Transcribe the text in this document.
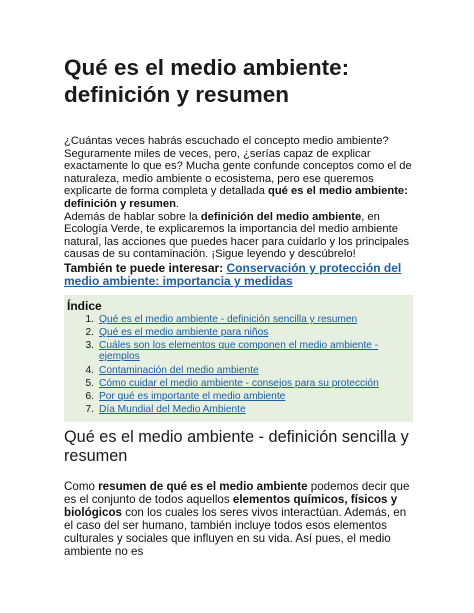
Qué es el medio ambiente:
definición y resumen
¿Cuántas veces habrás escuchado el concepto medio ambiente? Seguramente miles de veces, pero, ¿serías capaz de explicar exactamente lo que es? Mucha gente confunde conceptos como el de naturaleza, medio ambiente o ecosistema, pero ese queremos explicarte de forma completa y detallada qué es el medio ambiente: definición y resumen.
Además de hablar sobre la definición del medio ambiente, en Ecología Verde, te explicaremos la importancia del medio ambiente natural, las acciones que puedes hacer para cuidarlo y los principales causas de su contaminación. ¡Sigue leyendo y descúbrelo!
También te puede interesar: Conservación y protección del medio ambiente: importancia y medidas
Índice
1. Qué es el medio ambiente - definición sencilla y resumen
2. Qué es el medio ambiente para niños
3. Cuáles son los elementos que componen el medio ambiente - ejemplos
4. Contaminación del medio ambiente
5. Cómo cuidar el medio ambiente - consejos para su protección
6. Por qué es importante el medio ambiente
7. Día Mundial del Medio Ambiente
Qué es el medio ambiente - definición sencilla y resumen
Como resumen de qué es el medio ambiente podemos decir que es el conjunto de todos aquellos elementos químicos, físicos y biológicos con los cuales los seres vivos interactúan. Además, en el caso del ser humano, también incluye todos esos elementos culturales y sociales que influyen en su vida. Así pues, el medio ambiente no es
